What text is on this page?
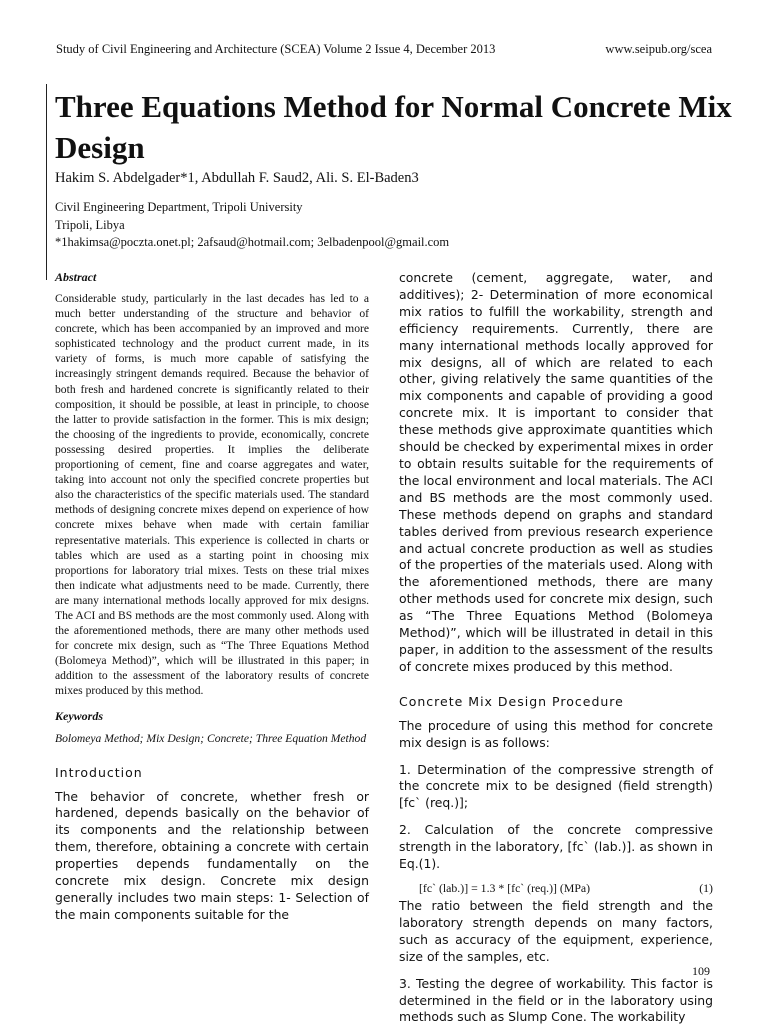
Study of Civil Engineering and Architecture (SCEA) Volume 2 Issue 4, December 2013	www.seipub.org/scea
Three Equations Method for Normal Concrete Mix Design
Hakim S. Abdelgader*1, Abdullah F. Saud2, Ali. S. El-Baden3
Civil Engineering Department, Tripoli University
Tripoli, Libya
*1hakimsa@poczta.onet.pl; 2afsaud@hotmail.com; 3elbadenpool@gmail.com
Abstract

Considerable study, particularly in the last decades has led to a much better understanding of the structure and behavior of concrete, which has been accompanied by an improved and more sophisticated technology and the product current made, in its variety of forms, is much more capable of satisfying the increasingly stringent demands required. Because the behavior of both fresh and hardened concrete is significantly related to their composition, it should be possible, at least in principle, to choose the latter to provide satisfaction in the former. This is mix design; the choosing of the ingredients to provide, economically, concrete possessing desired properties. It implies the deliberate proportioning of cement, fine and coarse aggregates and water, taking into account not only the specified concrete properties but also the characteristics of the specific materials used. The standard methods of designing concrete mixes depend on experience of how concrete mixes behave when made with certain familiar representative materials. This experience is collected in charts or tables which are used as a starting point in choosing mix proportions for laboratory trial mixes. Tests on these trial mixes then indicate what adjustments need to be made. Currently, there are many international methods locally approved for mix designs. The ACI and BS methods are the most commonly used. Along with the aforementioned methods, there are many other methods used for concrete mix design, such as “The Three Equations Method (Bolomeya Method)”, which will be illustrated in this paper; in addition to the assessment of the laboratory results of concrete mixes produced by this method.

Keywords

Bolomeya Method; Mix Design; Concrete; Three Equation Method

Introduction

The behavior of concrete, whether fresh or hardened, depends basically on the behavior of its components and the relationship between them, therefore, obtaining a concrete with certain properties depends fundamentally on the concrete mix design. Concrete mix design generally includes two main steps: 1- Selection of the main components suitable for the

concrete (cement, aggregate, water, and additives); 2- Determination of more economical mix ratios to fulfill the workability, strength and efficiency requirements. Currently, there are many international methods locally approved for mix designs, all of which are related to each other, giving relatively the same quantities of the mix components and capable of providing a good concrete mix. It is important to consider that these methods give approximate quantities which should be checked by experimental mixes in order to obtain results suitable for the requirements of the local environment and local materials. The ACI and BS methods are the most commonly used. These methods depend on graphs and standard tables derived from previous research experience and actual concrete production as well as studies of the properties of the materials used. Along with the aforementioned methods, there are many other methods used for concrete mix design, such as “The Three Equations Method (Bolomeya Method)”, which will be illustrated in detail in this paper, in addition to the assessment of the results of concrete mixes produced by this method.

Concrete Mix Design Procedure

The procedure of using this method for concrete mix design is as follows:

1. Determination of the compressive strength of the concrete mix to be designed (field strength) [fc` (req.)];

2. Calculation of the concrete compressive strength in the laboratory, [fc` (lab.)]. as shown in Eq.(1).

[fc` (lab.)] = 1.3 * [fc` (req.)] (MPa)	(1)

The ratio between the field strength and the laboratory strength depends on many factors, such as accuracy of the equipment, experience, size of the samples, etc.

3. Testing the degree of workability. This factor is determined in the field or in the laboratory using methods such as Slump Cone. The workability

109
